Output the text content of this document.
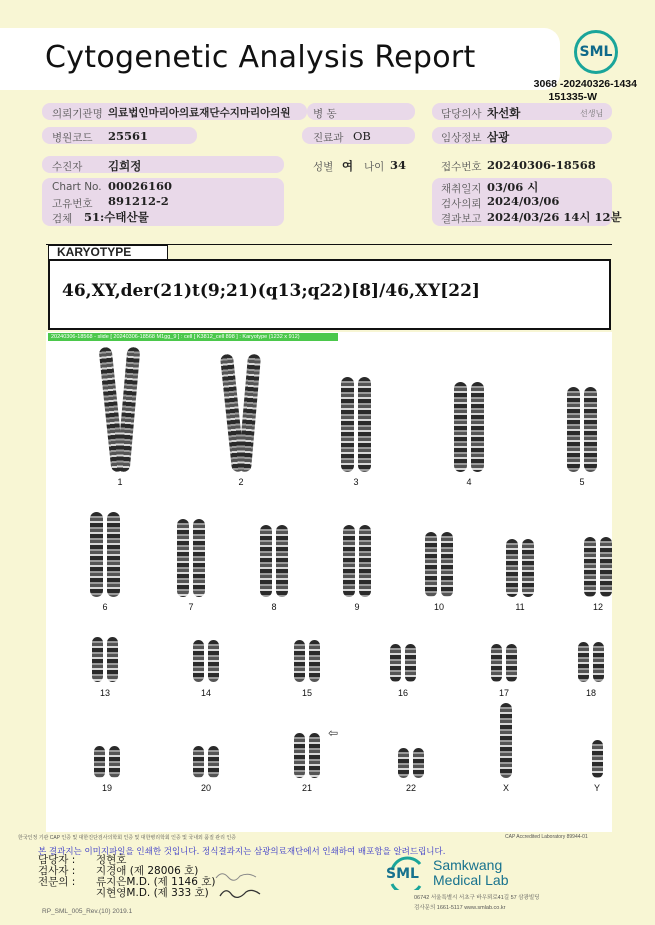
Cytogenetic Analysis Report	SML
3068 -20240326-1434
151335-W
의뢰기관명 의료법인마리아의료재단수지마리아의원 병 동	담당의사 차선화	선생님
병원코드 25561	진료과 OB	임상정보 삼광
수진자 김희정	성별 여 나이 34	접수번호 20240306-18568
Chart No. 00026160
고유번호 891212-2
검체 51:수태산물
채취일지 03/06 시
검사의뢰 2024/03/06
결과보고 2024/03/26 14시 12분
KARYOTYPE
46,XY,der(21)t(9;21)(q13;q22)[8]/46,XY[22]
20240306-18568 - slide [ 20240306-18568 M1gg_9 ] : cell [ K3812_cell 898 ] : Karyotype (1232 x 912)
1	2	3	4	5
6	7	8	9	10	11	12
13	14	15	16	17	18
19	20	21
⇦
22	X	Y
한국인정 기관 CAP 인증 및 대한진단검사의학회 인증 및 대한병리학회 인증 및 국내외 품질 관리 인증	CAP Accredited Laboratory 89944-01
본 결과지는 이미지파일을 인쇄한 것입니다. 정식결과지는 삼광의료재단에서 인쇄하여 배포함을 알려드립니다.
담당자 : 정현호
검사자 : 지경애 (제 28006 호)
전문의 : 류지은M.D. (제 1146 호)
지현영M.D. (제 333 호)
RP_SML_005_Rev.(10) 2019.1
SML
Samkwang
Medical Lab
06742 서울특별시 서초구 바우뫼로41길 57 삼광빌딩
검사문의 1661-5117 www.smlab.co.kr
